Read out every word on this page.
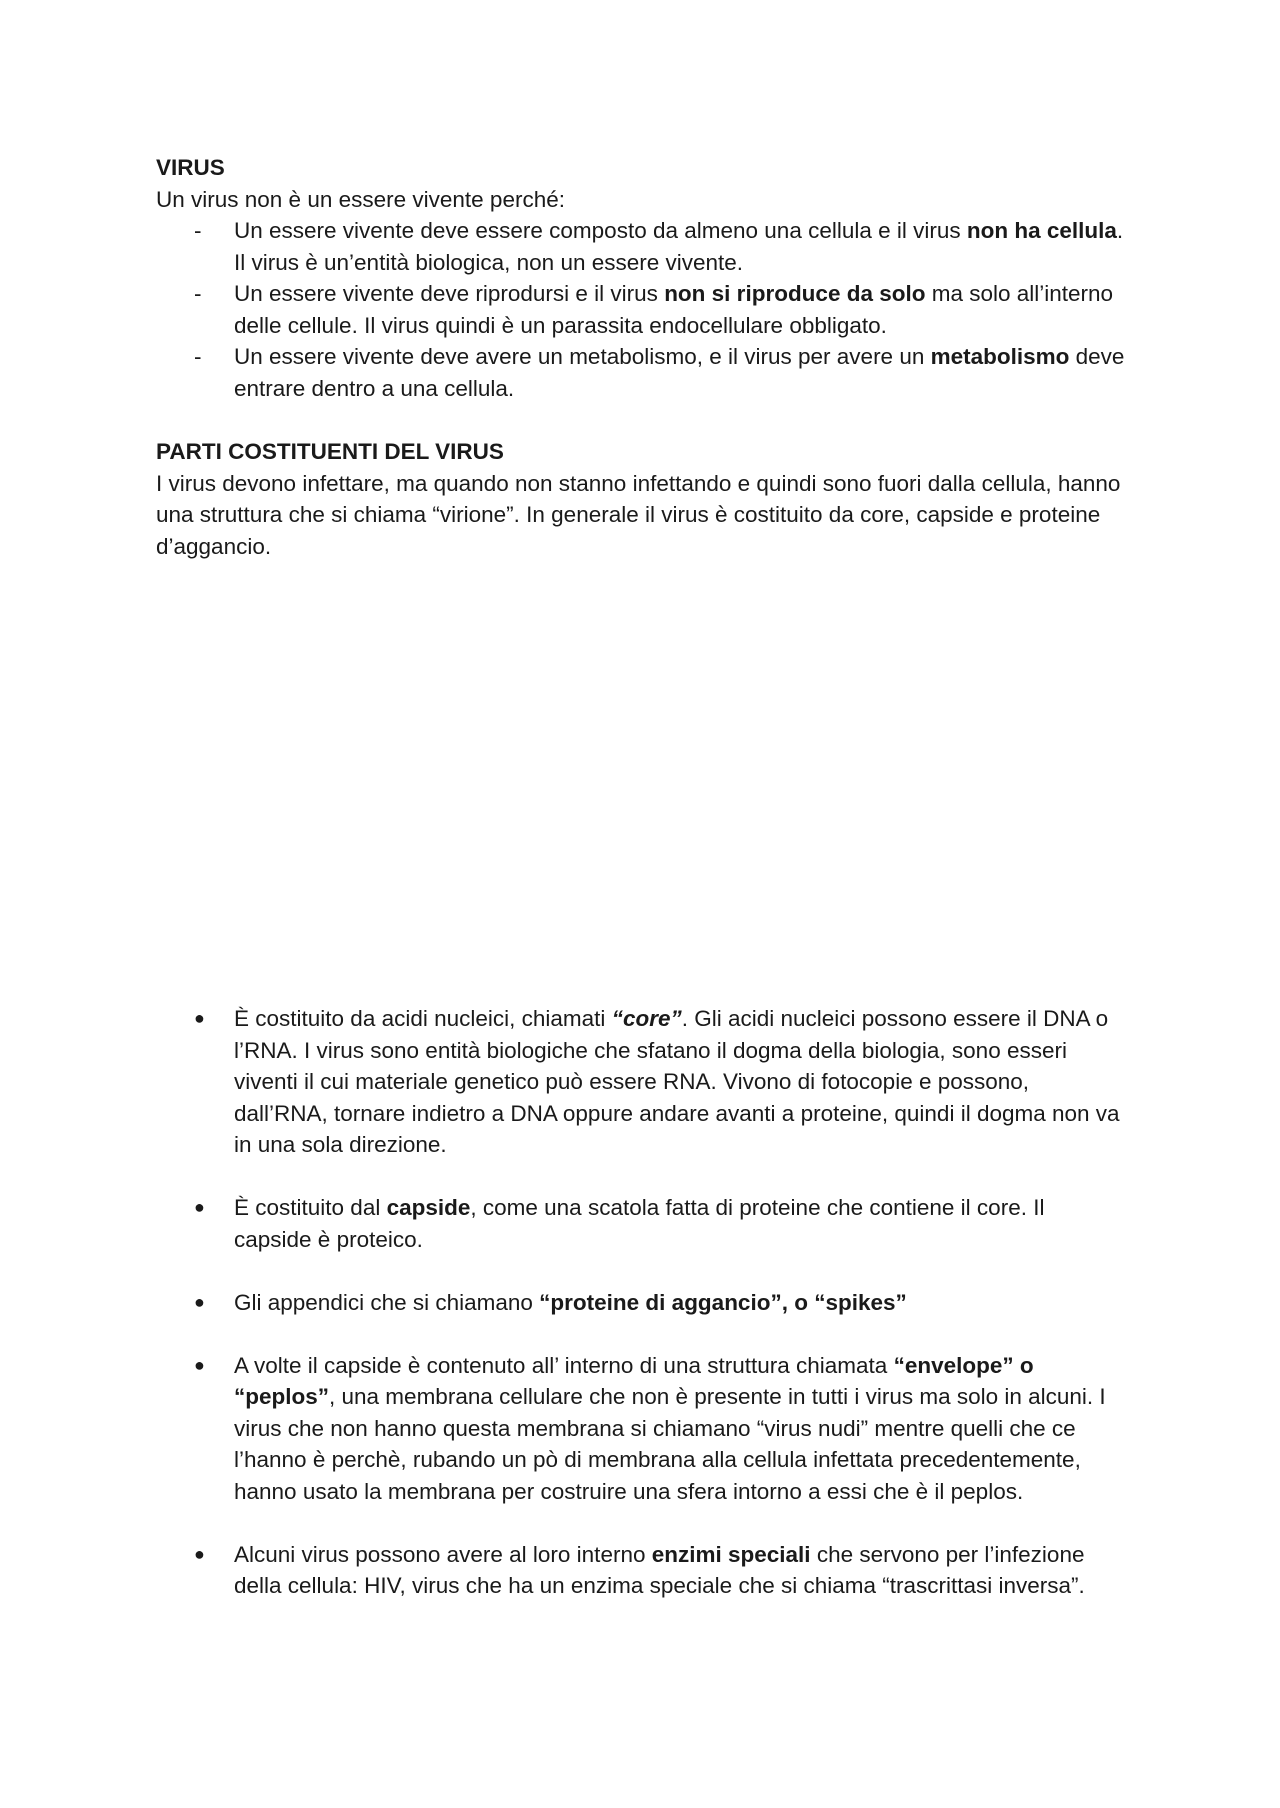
VIRUS
Un virus non è un essere vivente perché:
- Un essere vivente deve essere composto da almeno una cellula e il virus non ha cellula. Il virus è un’entità biologica, non un essere vivente.
- Un essere vivente deve riprodursi e il virus non si riproduce da solo ma solo all’interno delle cellule. Il virus quindi è un parassita endocellulare obbligato.
- Un essere vivente deve avere un metabolismo, e il virus per avere un metabolismo deve entrare dentro a una cellula.
PARTI COSTITUENTI DEL VIRUS
I virus devono infettare, ma quando non stanno infettando e quindi sono fuori dalla cellula, hanno una struttura che si chiama “virione”. In generale il virus è costituito da core, capside e proteine d’aggancio.
● È costituito da acidi nucleici, chiamati “core”. Gli acidi nucleici possono essere il DNA o l’RNA. I virus sono entità biologiche che sfatano il dogma della biologia, sono esseri viventi il cui materiale genetico può essere RNA. Vivono di fotocopie e possono, dall’RNA, tornare indietro a DNA oppure andare avanti a proteine, quindi il dogma non va in una sola direzione.
● È costituito dal capside, come una scatola fatta di proteine che contiene il core. Il capside è proteico.
● Gli appendici che si chiamano “proteine di aggancio”, o “spikes”
● A volte il capside è contenuto all’ interno di una struttura chiamata “envelope” o “peplos”, una membrana cellulare che non è presente in tutti i virus ma solo in alcuni. I virus che non hanno questa membrana si chiamano “virus nudi” mentre quelli che ce l’hanno è perchè, rubando un pò di membrana alla cellula infettata precedentemente, hanno usato la membrana per costruire una sfera intorno a essi che è il peplos.
● Alcuni virus possono avere al loro interno enzimi speciali che servono per l’infezione della cellula: HIV, virus che ha un enzima speciale che si chiama “trascrittasi inversa”.
